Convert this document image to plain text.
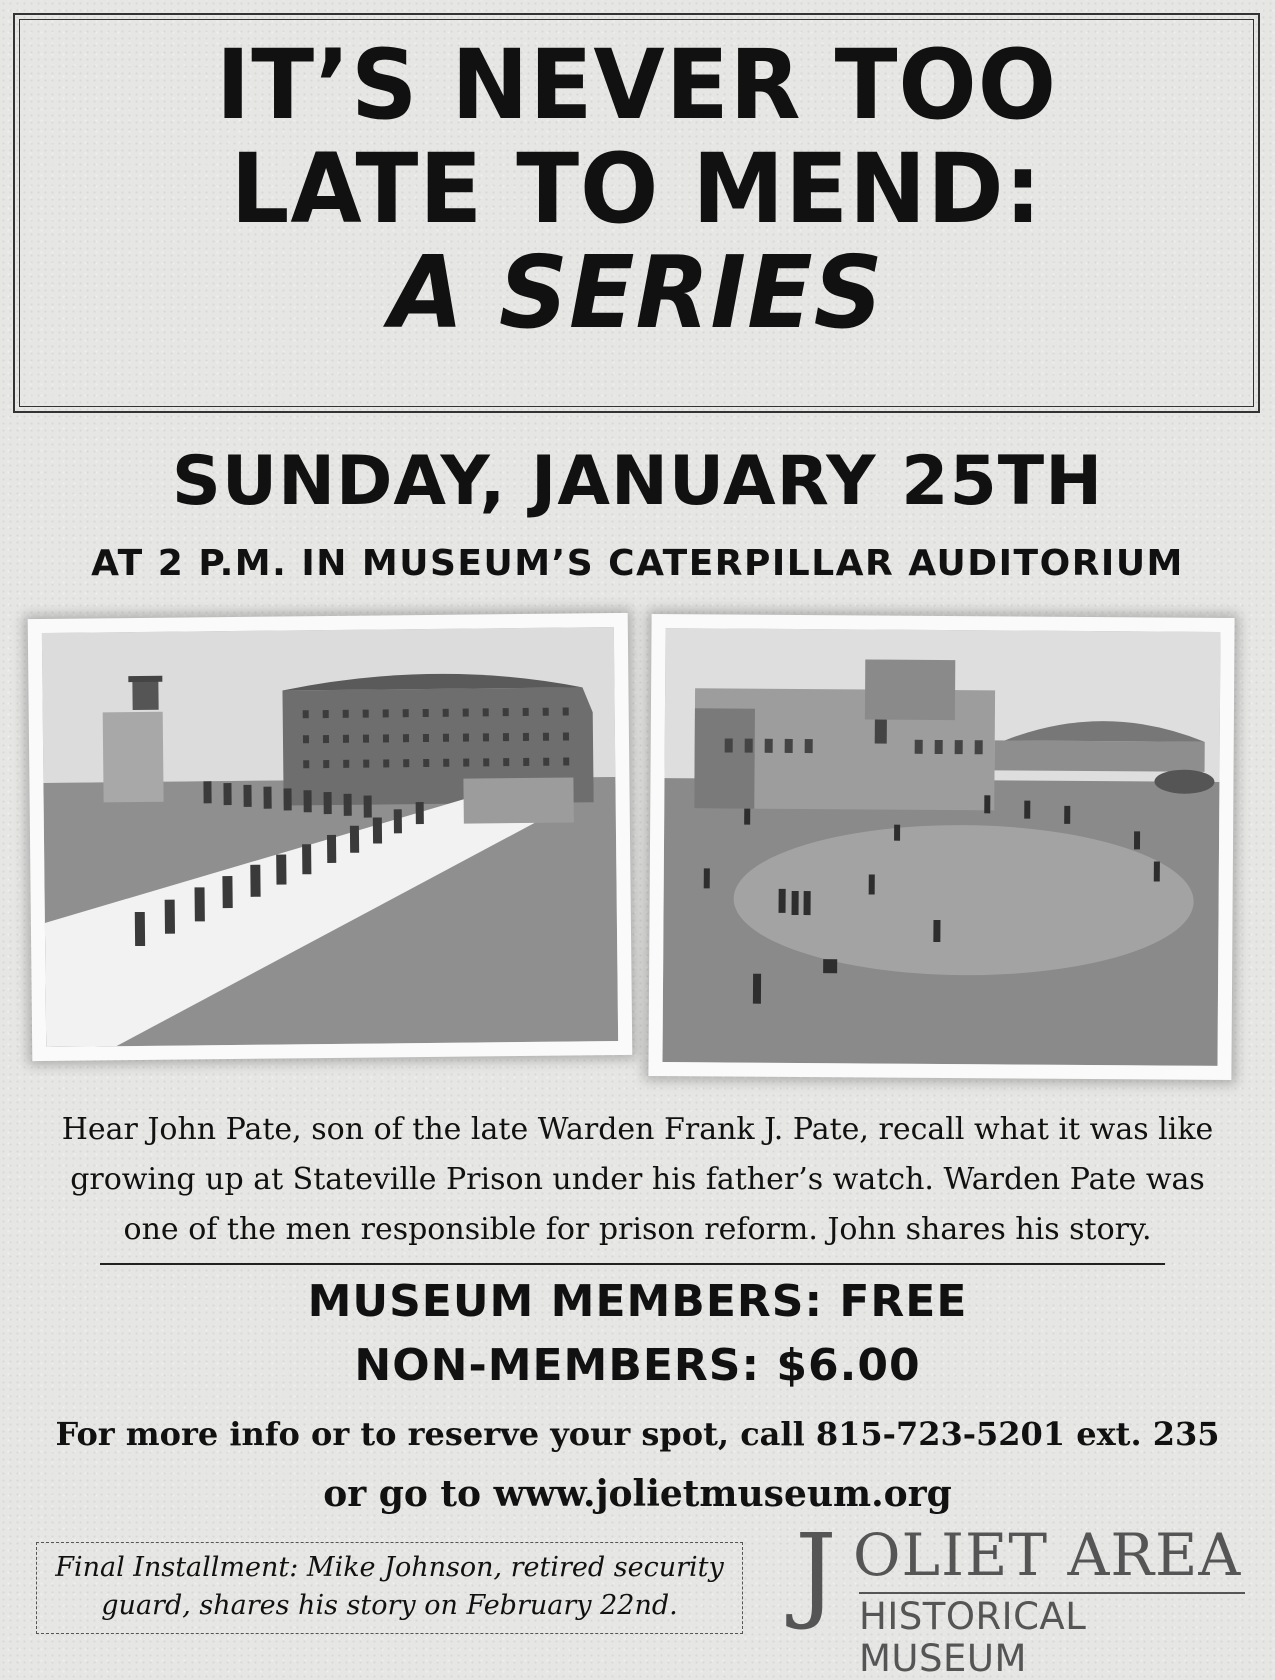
IT’S NEVER TOO
LATE TO MEND:
A SERIES
SUNDAY, JANUARY 25TH
AT 2 P.M. IN MUSEUM’S CATERPILLAR AUDITORIUM
Hear John Pate, son of the late Warden Frank J. Pate, recall what it was like
growing up at Stateville Prison under his father’s watch. Warden Pate was
one of the men responsible for prison reform. John shares his story.
MUSEUM MEMBERS: FREE
NON-MEMBERS: $6.00
For more info or to reserve your spot, call 815-723-5201 ext. 235
or go to www.jolietmuseum.org
Final Installment: Mike Johnson, retired security
guard, shares his story on February 22nd.	J OLIET AREA
HISTORICAL MUSEUM
